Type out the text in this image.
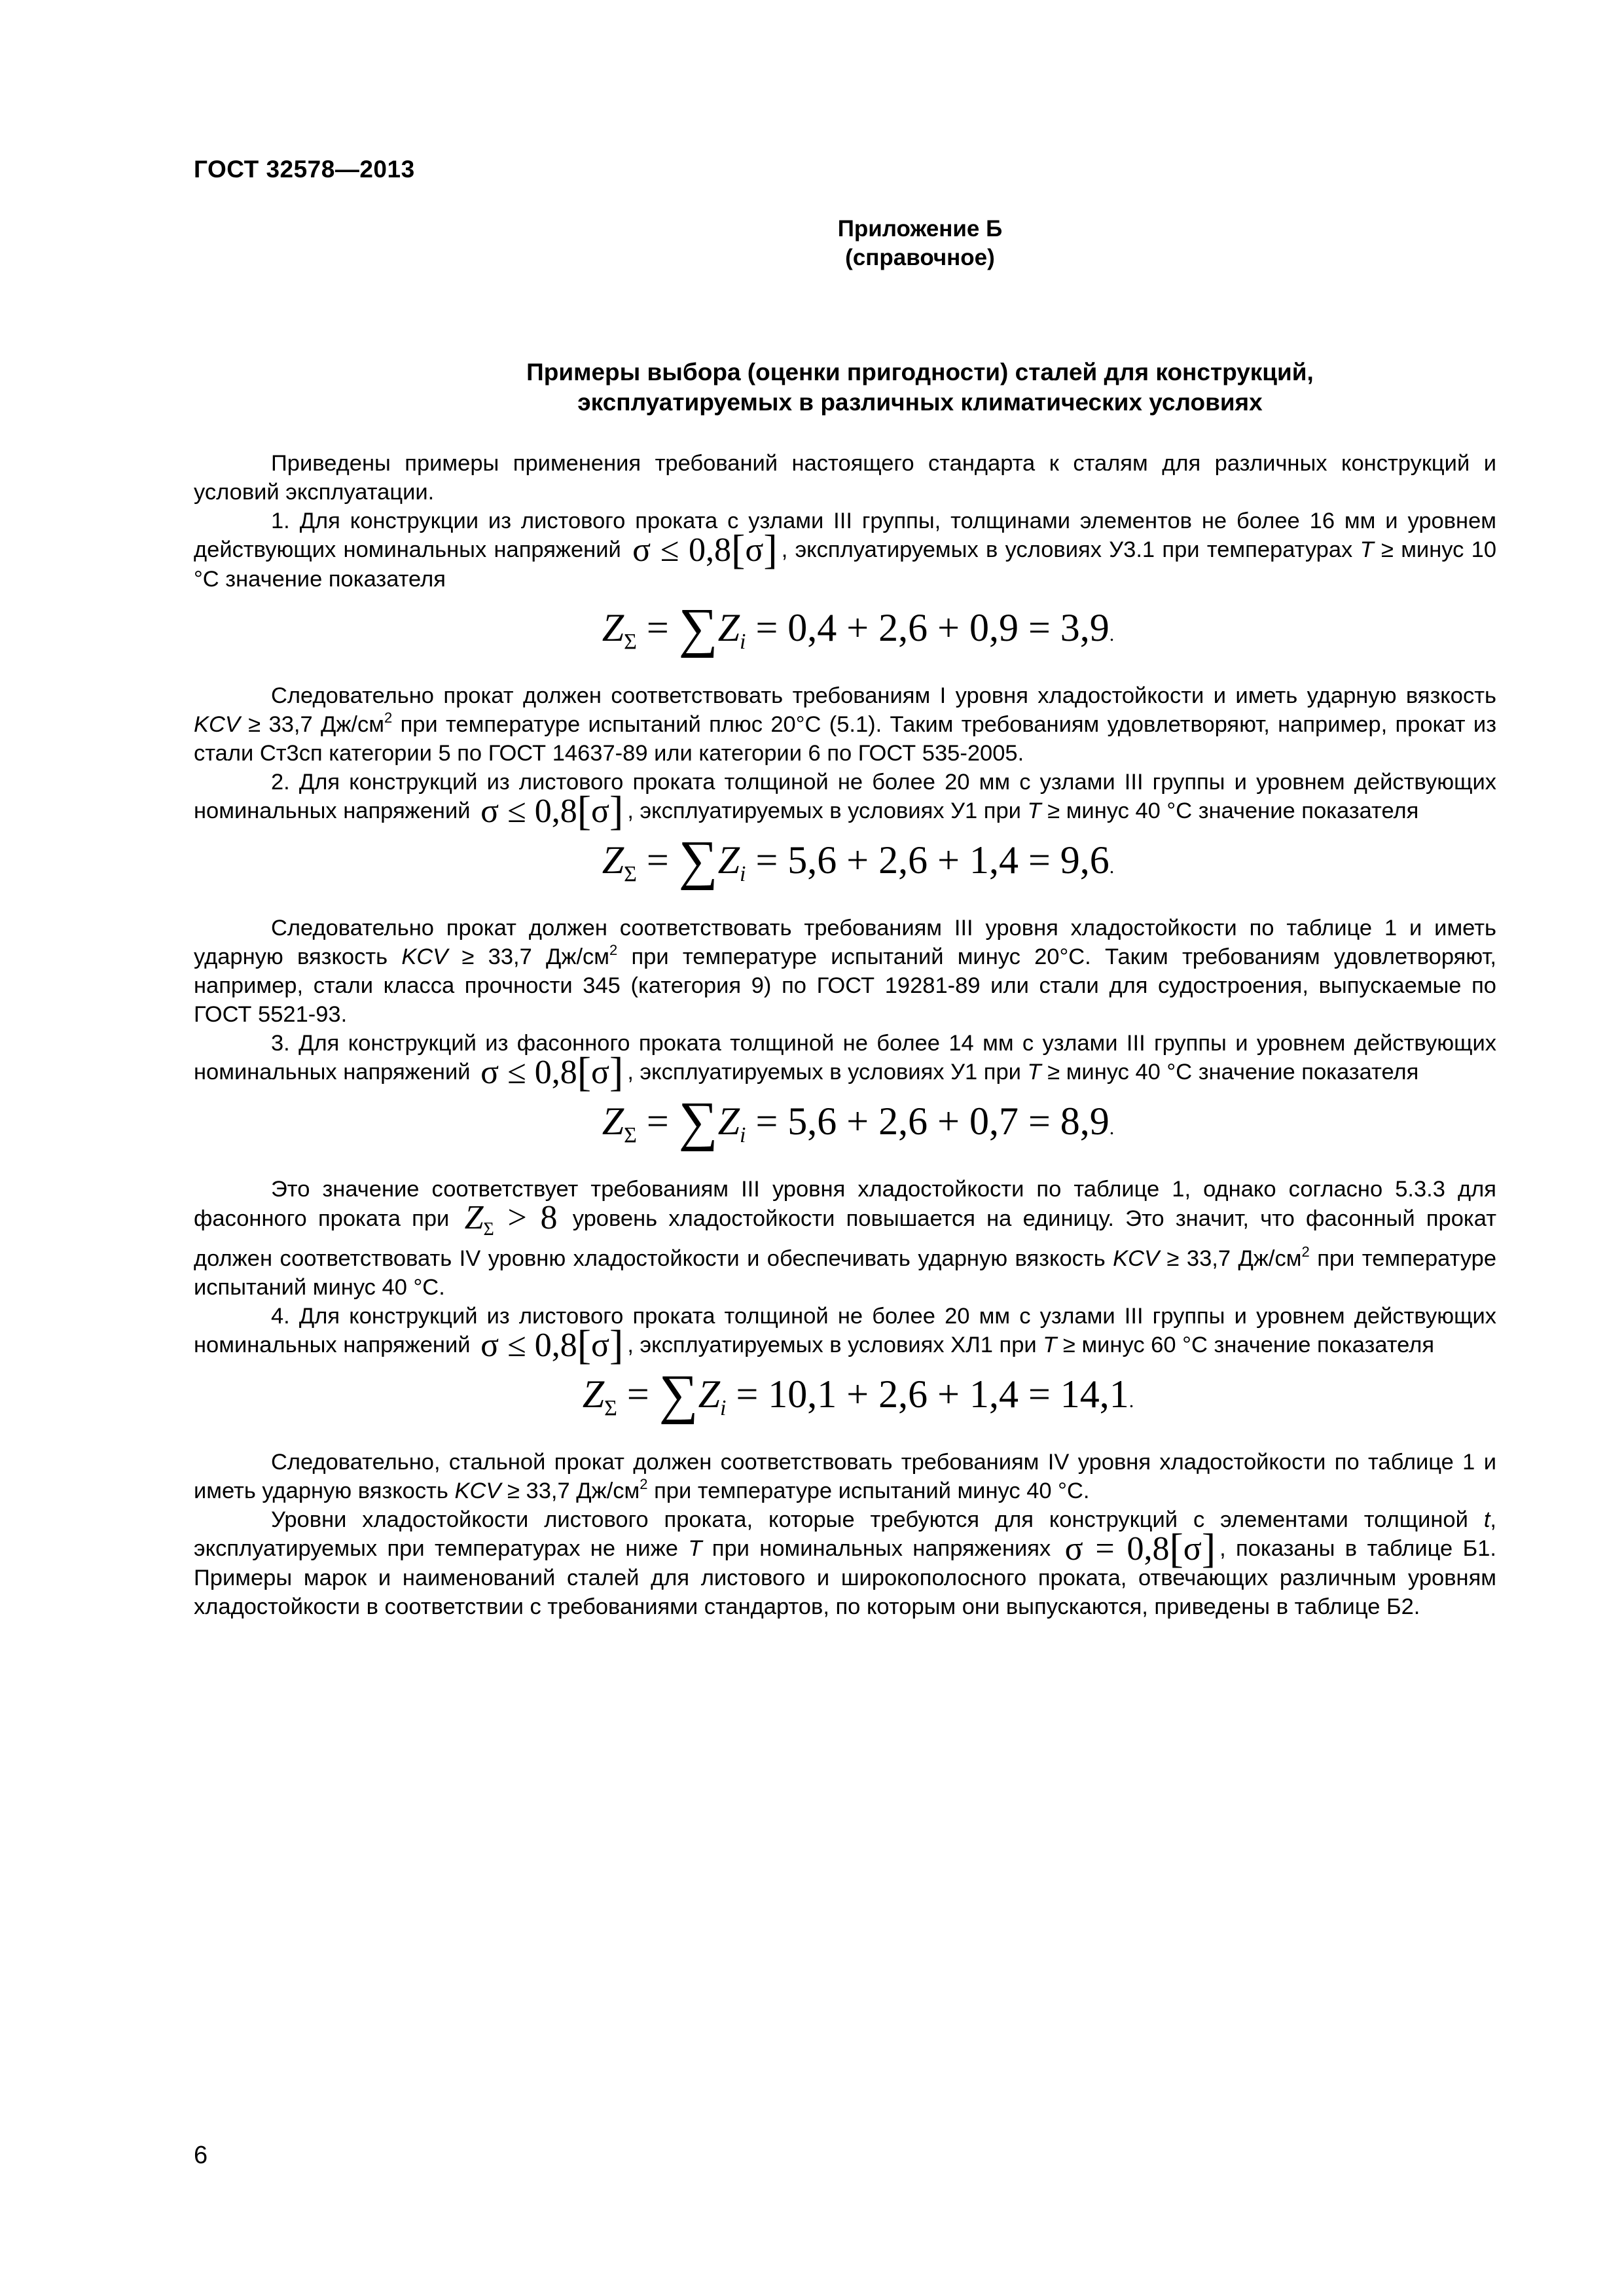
ГОСТ 32578—2013
Приложение Б
(справочное)
Примеры выбора (оценки пригодности) сталей для конструкций,
эксплуатируемых в различных климатических условиях

Приведены примеры применения требований настоящего стандарта к сталям для различных конструкций и условий эксплуатации.

1. Для конструкции из листового проката с узлами III группы, толщинами элементов не более 16 мм и уровнем действующих номинальных напряжений σ ≤ 0,8[σ] , эксплуатируемых в условиях У3.1 при температурах T ≥ минус 10 °С значение показателя

$Z_\Sigma = \sum Z_i = 0,4 + 2,6 + 0,9 = 3,9$.

Следовательно прокат должен соответствовать требованиям I уровня хладостойкости и иметь ударную вязкость KCV ≥ 33,7 $Дж/см^2$ при температуре испытаний плюс 20°С (5.1). Таким требованиям удовлетворяют, например, прокат из стали Ст3сп категории 5 по ГОСТ 14637-89 или категории 6 по ГОСТ 535-2005.

2. Для конструкций из листового проката толщиной не более 20 мм с узлами III группы и уровнем действующих номинальных напряжений σ ≤ 0,8[σ] , эксплуатируемых в условиях У1 при T ≥ минус 40 °С значение показателя

$Z_\Sigma = \sum Z_i = 5,6 + 2,6 + 1,4 = 9,6$.

Следовательно прокат должен соответствовать требованиям III уровня хладостойкости по таблице 1 и иметь ударную вязкость KCV ≥ 33,7 $Дж/см^2$ при температуре испытаний минус 20°С. Таким требованиям удовлетворяют, например, стали класса прочности 345 (категория 9) по ГОСТ 19281-89 или стали для судостроения, выпускаемые по ГОСТ 5521-93.

3. Для конструкций из фасонного проката толщиной не более 14 мм с узлами III группы и уровнем действующих номинальных напряжений σ ≤ 0,8[σ] , эксплуатируемых в условиях У1 при T ≥ минус 40 °С значение показателя

$Z_\Sigma = \sum Z_i = 5,6 + 2,6 + 0,7 = 8,9$.

Это значение соответствует требованиям III уровня хладостойкости по таблице 1, однако согласно 5.3.3 для фасонного проката при $Z_\Sigma > 8$ уровень хладостойкости повышается на единицу. Это значит, что фасонный прокат должен соответствовать IV уровню хладостойкости и обеспечивать ударную вязкость KCV ≥ 33,7 $Дж/см^2$ при температуре испытаний минус 40 °С.

4. Для конструкций из листового проката толщиной не более 20 мм с узлами III группы и уровнем действующих номинальных напряжений σ ≤ 0,8[σ] , эксплуатируемых в условиях ХЛ1 при T ≥ минус 60 °С значение показателя

$Z_\Sigma = \sum Z_i = 10,1 + 2,6 + 1,4 = 14,1$.

Следовательно, стальной прокат должен соответствовать требованиям IV уровня хладостойкости по таблице 1 и иметь ударную вязкость KCV ≥ 33,7 $Дж/см^2$ при температуре испытаний минус 40 °С.

Уровни хладостойкости листового проката, которые требуются для конструкций с элементами толщиной t, эксплуатируемых при температурах не ниже T при номинальных напряжениях σ = 0,8[σ] , показаны в таблице Б1. Примеры марок и наименований сталей для листового и широкополосного проката, отвечающих различным уровням хладостойкости в соответствии с требованиями стандартов, по которым они выпускаются, приведены в таблице Б2.

6
